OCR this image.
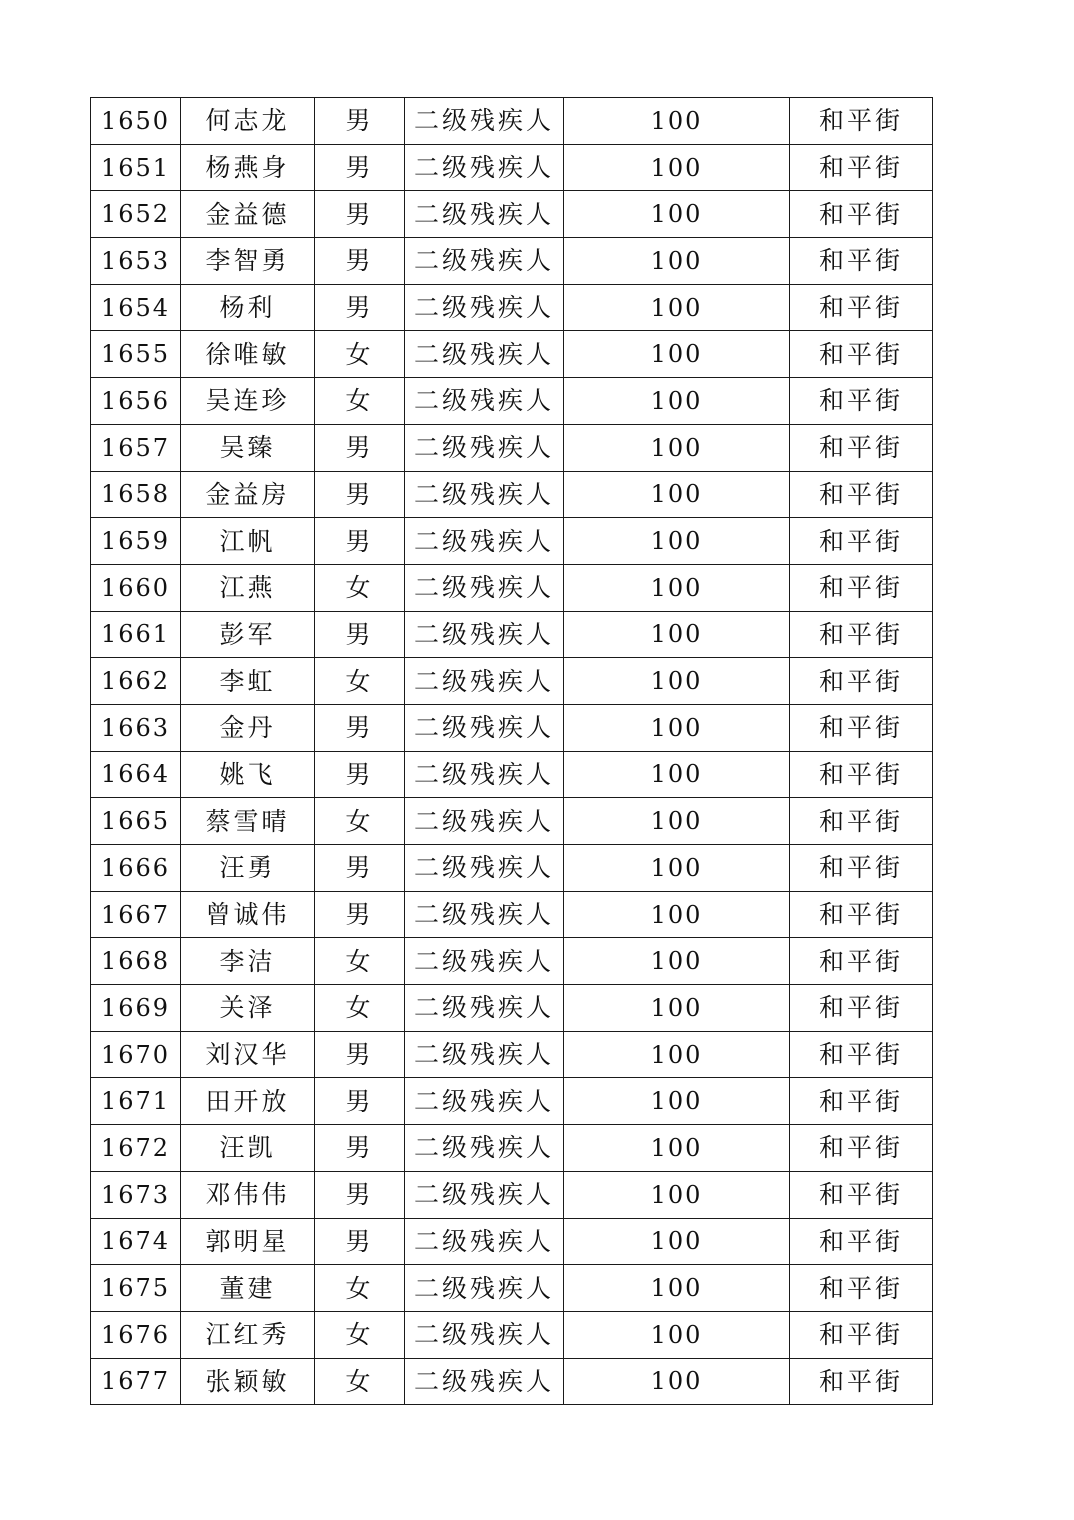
1650	何志龙	男	二级残疾人	100	和平街
1651	杨燕身	男	二级残疾人	100	和平街
1652	金益德	男	二级残疾人	100	和平街
1653	李智勇	男	二级残疾人	100	和平街
1654	杨利	男	二级残疾人	100	和平街
1655	徐唯敏	女	二级残疾人	100	和平街
1656	吴连珍	女	二级残疾人	100	和平街
1657	吴臻	男	二级残疾人	100	和平街
1658	金益房	男	二级残疾人	100	和平街
1659	江帆	男	二级残疾人	100	和平街
1660	江燕	女	二级残疾人	100	和平街
1661	彭军	男	二级残疾人	100	和平街
1662	李虹	女	二级残疾人	100	和平街
1663	金丹	男	二级残疾人	100	和平街
1664	姚飞	男	二级残疾人	100	和平街
1665	蔡雪晴	女	二级残疾人	100	和平街
1666	汪勇	男	二级残疾人	100	和平街
1667	曾诚伟	男	二级残疾人	100	和平街
1668	李洁	女	二级残疾人	100	和平街
1669	关泽	女	二级残疾人	100	和平街
1670	刘汉华	男	二级残疾人	100	和平街
1671	田开放	男	二级残疾人	100	和平街
1672	汪凯	男	二级残疾人	100	和平街
1673	邓伟伟	男	二级残疾人	100	和平街
1674	郭明星	男	二级残疾人	100	和平街
1675	董建	女	二级残疾人	100	和平街
1676	江红秀	女	二级残疾人	100	和平街
1677	张颖敏	女	二级残疾人	100	和平街
